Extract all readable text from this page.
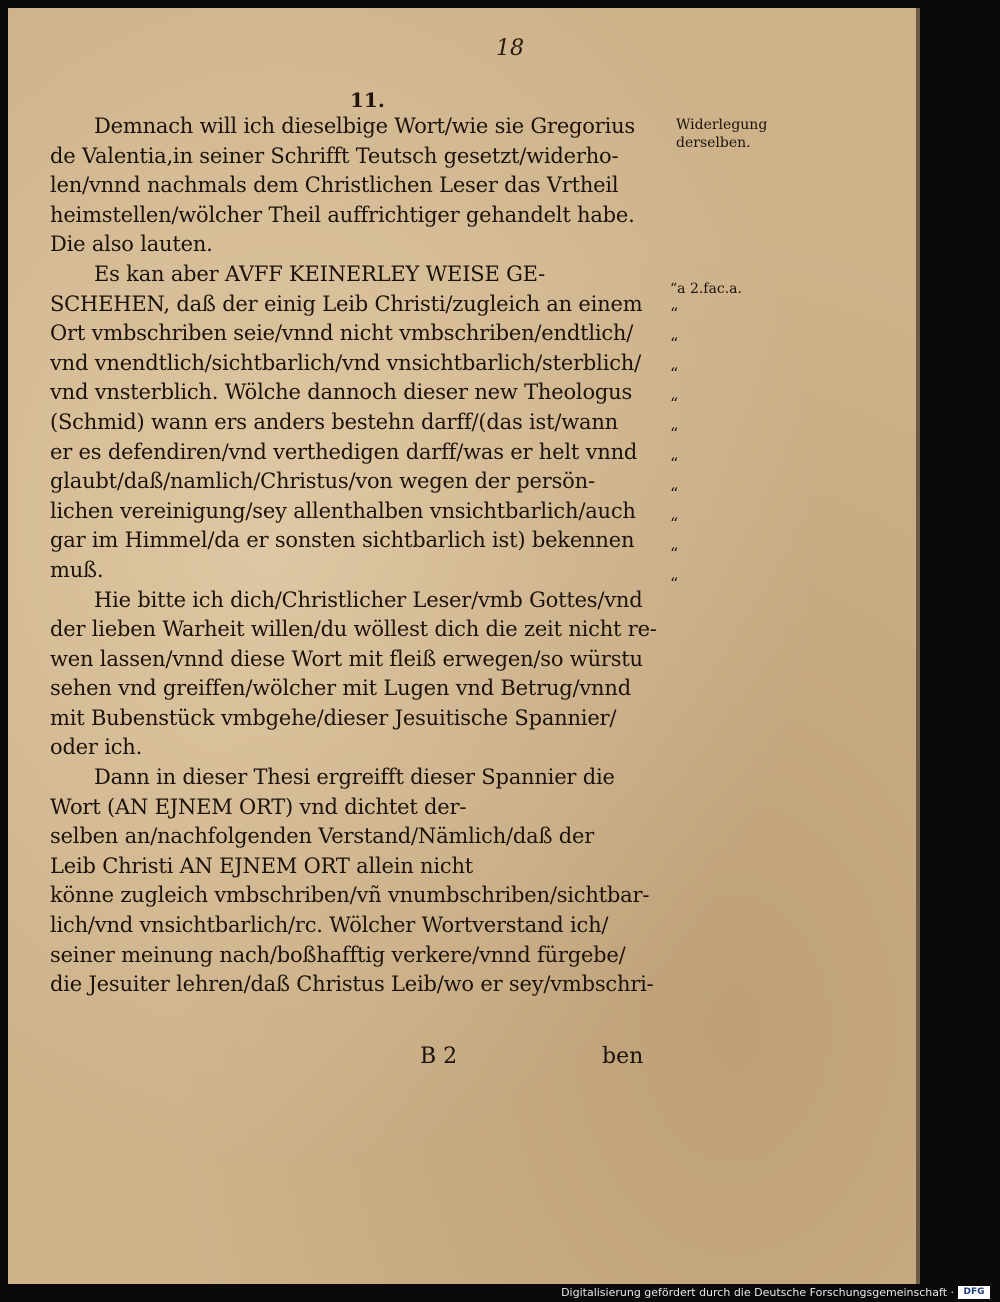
18
11.
Demnach will ich dieselbige Wort/wie sie Gregorius
de Valentia,in seiner Schrifft Teutsch gesetzt/widerho-
len/vnnd nachmals dem Christlichen Leser das Vrtheil
heimstellen/wölcher Theil auffrichtiger gehandelt habe.
Die also lauten.
Es kan aber AVFF KEINERLEY WEISE GE-
SCHEHEN, daß der einig Leib Christi/zugleich an einem
Ort vmbschriben seie/vnnd nicht vmbschriben/endtlich/
vnd vnendtlich/sichtbarlich/vnd vnsichtbarlich/sterblich/
vnd vnsterblich. Wölche dannoch dieser new Theologus
(Schmid) wann ers anders bestehn darff/(das ist/wann
er es defendiren/vnd verthedigen darff/was er helt vnnd
glaubt/daß/namlich/Christus/von wegen der persön-
lichen vereinigung/sey allenthalben vnsichtbarlich/auch
gar im Himmel/da er sonsten sichtbarlich ist) bekennen
muß.
Hie bitte ich dich/Christlicher Leser/vmb Gottes/vnd
der lieben Warheit willen/du wöllest dich die zeit nicht re-
wen lassen/vnnd diese Wort mit fleiß erwegen/so würstu
sehen vnd greiffen/wölcher mit Lugen vnd Betrug/vnnd
mit Bubenstück vmbgehe/dieser Jesuitische Spannier/
oder ich.
Dann in dieser Thesi ergreifft dieser Spannier die
Wort (AN EJNEM ORT) vnd dichtet der-
selben an/nachfolgenden Verstand/Nämlich/daß der
Leib Christi AN EJNEM ORT allein nicht
könne zugleich vmbschriben/vñ vnumbschriben/sichtbar-
lich/vnd vnsichtbarlich/rc. Wölcher Wortverstand ich/
seiner meinung nach/boßhafftig verkere/vnnd fürgebe/
die Jesuiter lehren/daß Christus Leib/wo er sey/vmbschri-
Widerlegung
derselben.
“a 2.fac.a.
“
“
“
“
“
“
“
“
“
“
B 2	ben
Digitalisierung gefördert durch die Deutsche Forschungsgemeinschaft ·	DFG
